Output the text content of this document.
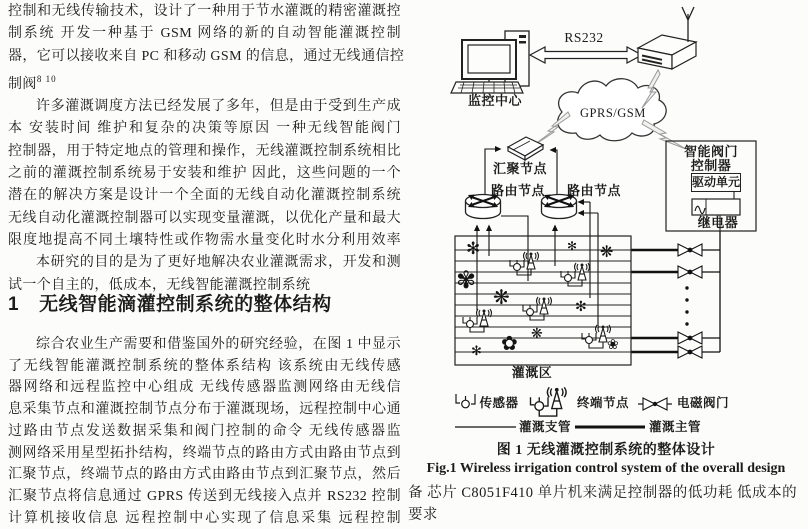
控制和无线传输技术，设计了一种用于节水灌溉的精密灌溉控
制系统 开发一种基于 GSM 网络的新的自动智能灌溉控制
器，它可以接收来自 PC 和移动 GSM 的信息，通过无线通信控
制阀$^{8 10}$
许多灌溉调度方法已经发展了多年，但是由于受到生产成
本 安装时间 维护和复杂的决策等原因 一种无线智能阀门
控制器，用于特定地点的管理和操作，无线灌溉控制系统相比
之前的灌溉控制系统易于安装和维护 因此，这些问题的一个
潜在的解决方案是设计一个全面的无线自动化灌溉控制系统
无线自动化灌溉控制器可以实现变量灌溉，以优化产量和最大
限度地提高不同土壤特性或作物需水量变化时水分利用效率
本研究的目的是为了更好地解决农业灌溉需求，开发和测
试一个自主的，低成本，无线智能灌溉控制系统
1 无线智能滴灌控制系统的整体结构
综合农业生产需要和借鉴国外的研究经验，在图 1 中显示
了无线智能灌溉控制系统的整体系结构 该系统由无线传感
器网络和远程监控中心组成 无线传感器监测网络由无线信
息采集节点和灌溉控制节点分布于灌溉现场，远程控制中心通
过路由节点发送数据采集和阀门控制的命令 无线传感器监
测网络采用星型拓扑结构，终端节点的路由方式由路由节点到
汇聚节点，终端节点的路由方式由路由节点到汇聚节点，然后
汇聚节点将信息通过 GPRS 传送到无线接入点并 RS232 控制
计算机接收信息 远程控制中心实现了信息采集 远程控制
✻	❋
✻
✾
❋	✻
❋
✿
✻	❀
监控中心
RS232
GPRS/GSM
汇聚节点
路由节点	路由节点
智能阀门
控制器
驱动单元
继电器
灌溉区
传感器	终端节点	电磁阀门
灌溉支管	灌溉主管
图 1 无线灌溉控制系统的整体设计
Fig.1 Wireless irrigation control system of the overall design
备 芯片 C8051F410 单片机来满足控制器的低功耗 低成本的
要求
